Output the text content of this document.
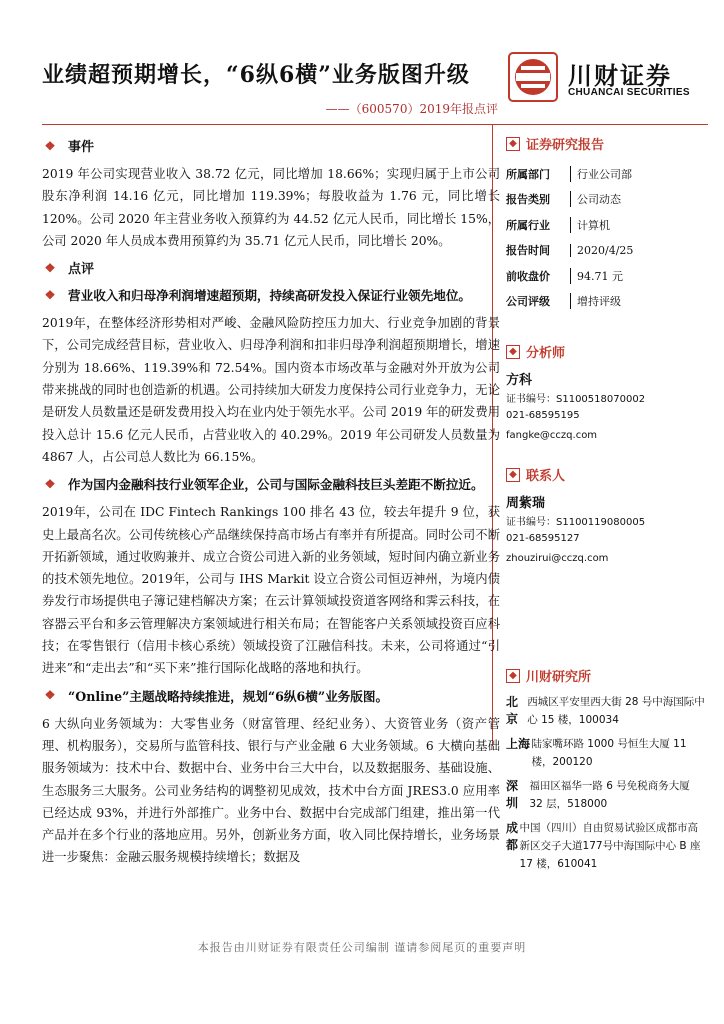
业绩超预期增长，“6纵6横”业务版图升级
——（600570）2019年报点评
川财证券
CHUANCAI SECURITIES
❖ 事件

2019 年公司实现营业收入 38.72 亿元，同比增加 18.66%；实现归属于上市公司股东净利润 14.16 亿元，同比增加 119.39%；每股收益为 1.76 元，同比增长 120%。公司 2020 年主营业务收入预算约为 44.52 亿元人民币，同比增长 15%，公司 2020 年人员成本费用预算约为 35.71 亿元人民币，同比增长 20%。

❖ 点评
❖ 营业收入和归母净利润增速超预期，持续高研发投入保证行业领先地位。

2019年，在整体经济形势相对严峻、金融风险防控压力加大、行业竞争加剧的背景下，公司完成经营目标，营业收入、归母净利润和扣非归母净利润超预期增长，增速分别为 18.66%、119.39%和 72.54%。国内资本市场改革与金融对外开放为公司带来挑战的同时也创造新的机遇。公司持续加大研发力度保持公司行业竞争力，无论是研发人员数量还是研发费用投入均在业内处于领先水平。公司 2019 年的研发费用投入总计 15.6 亿元人民币，占营业收入的 40.29%。2019 年公司研发人员数量为 4867 人，占公司总人数比为 66.15%。

❖ 作为国内金融科技行业领军企业，公司与国际金融科技巨头差距不断拉近。

2019年，公司在 IDC Fintech Rankings 100 排名 43 位，较去年提升 9 位，获史上最高名次。公司传统核心产品继续保持高市场占有率并有所提高。同时公司不断开拓新领域，通过收购兼并、成立合资公司进入新的业务领域，短时间内确立新业务的技术领先地位。2019年，公司与 IHS Markit 设立合资公司恒迈神州，为境内债券发行市场提供电子簿记建档解决方案；在云计算领域投资道客网络和霁云科技，在容器云平台和多云管理解决方案领域进行相关布局；在智能客户关系领域投资百应科技；在零售银行（信用卡核心系统）领域投资了江融信科技。未来，公司将通过“引进来”和“走出去”和“买下来”推行国际化战略的落地和执行。

❖ “Online”主题战略持续推进，规划“6纵6横”业务版图。

6 大纵向业务领域为：大零售业务（财富管理、经纪业务）、大资管业务（资产管理、机构服务），交易所与监管科技、银行与产业金融 6 大业务领域。6 大横向基础服务领域为：技术中台、数据中台、业务中台三大中台，以及数据服务、基础设施、生态服务三大服务。公司业务结构的调整初见成效，技术中台方面 JRES3.0 应用率已经达成 93%，并进行外部推广。业务中台、数据中台完成部门组建，推出第一代产品并在多个行业的落地应用。另外，创新业务方面，收入同比保持增长，业务场景进一步聚焦：金融云服务规模持续增长；数据及

◆ 证券研究报告
所属部门	行业公司部
报告类别	公司动态
所属行业	计算机
报告时间	2020/4/25
前收盘价	94.71 元
公司评级	增持评级
◆ 分析师
方科
证书编号：S1100518070002
021-68595195
fangke@cczq.com
◆ 联系人
周紫瑞
证书编号：S1100119080005
021-68595127
zhouzirui@cczq.com
◆ 川财研究所
北京
西城区平安里西大街 28 号中海国际中心 15 楼，100034
上海 陆家嘴环路 1000 号恒生大厦 11 楼，200120
深圳
福田区福华一路 6 号免税商务大厦 32 层，518000
成都
中国（四川）自由贸易试验区成都市高新区交子大道177号中海国际中心 B 座 17 楼，610041
本报告由川财证券有限责任公司编制 谨请参阅尾页的重要声明
